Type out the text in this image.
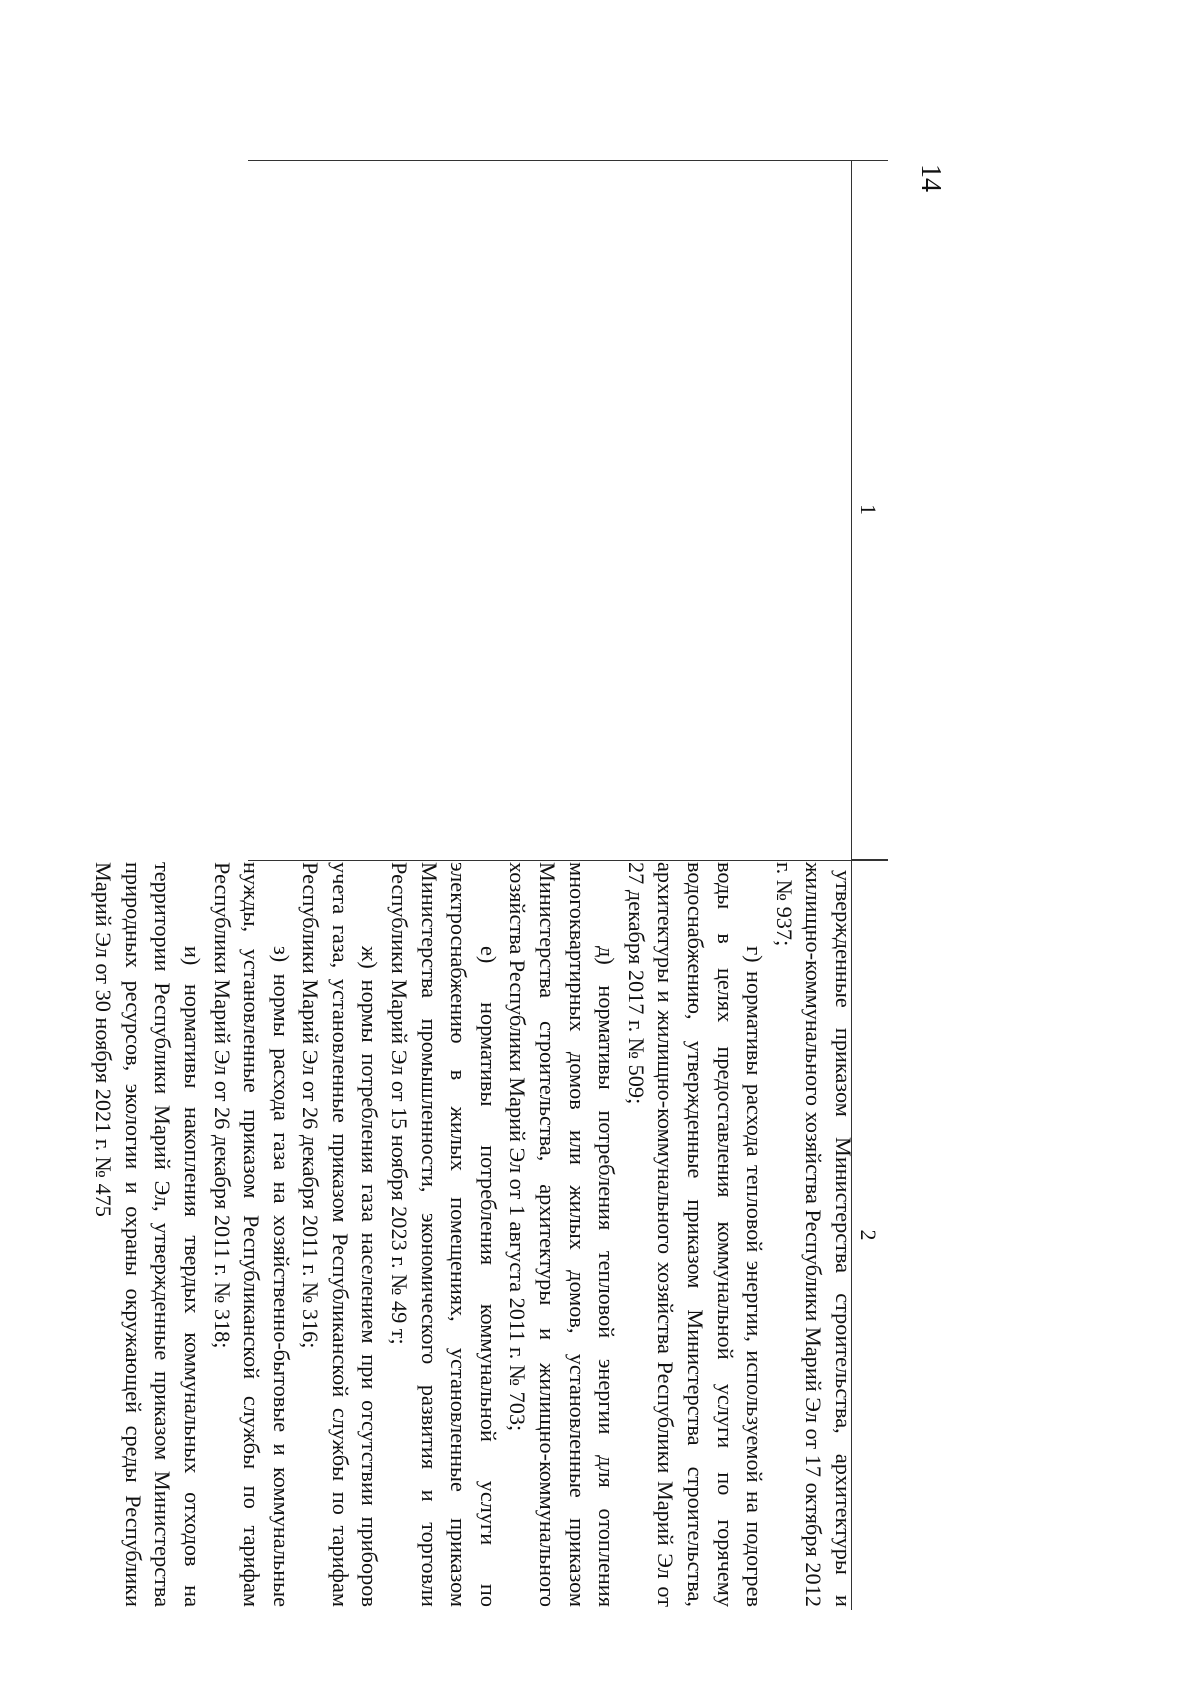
14
1
2

утвержденные приказом Министерства строительства, архитектуры и жилищно-коммунального хозяйства Республики Марий Эл от 17 октября 2012 г. № 937;

г) нормативы расхода тепловой энергии, используемой на подогрев воды в целях предоставления коммунальной услуги по горячему водоснабжению, утвержденные приказом Министерства строительства, архитектуры и жилищно-коммунального хозяйства Республики Марий Эл от 27 декабря 2017 г. № 509;

д) нормативы потребления тепловой энергии для отопления многоквартирных домов или жилых домов, установленные приказом Министерства строительства, архитектуры и жилищно-коммунального хозяйства Республики Марий Эл от 1 августа 2011 г. № 703;

е) нормативы потребления коммунальной услуги по электроснабжению в жилых помещениях, установленные приказом Министерства промышленности, экономического развития и торговли Республики Марий Эл от 15 ноября 2023 г. № 49 т;

ж) нормы потребления газа населением при отсутствии приборов учета газа, установленные приказом Республиканской службы по тарифам Республики Марий Эл от 26 декабря 2011 г. № 316;

з) нормы расхода газа на хозяйственно-бытовые и коммунальные нужды, установленные приказом Республиканской службы по тарифам Республики Марий Эл от 26 декабря 2011 г. № 318;

и) нормативы накопления твердых коммунальных отходов на территории Республики Марий Эл, утвержденные приказом Министерства природных ресурсов, экологии и охраны окружающей среды Республики Марий Эл от 30 ноября 2021 г. № 475
